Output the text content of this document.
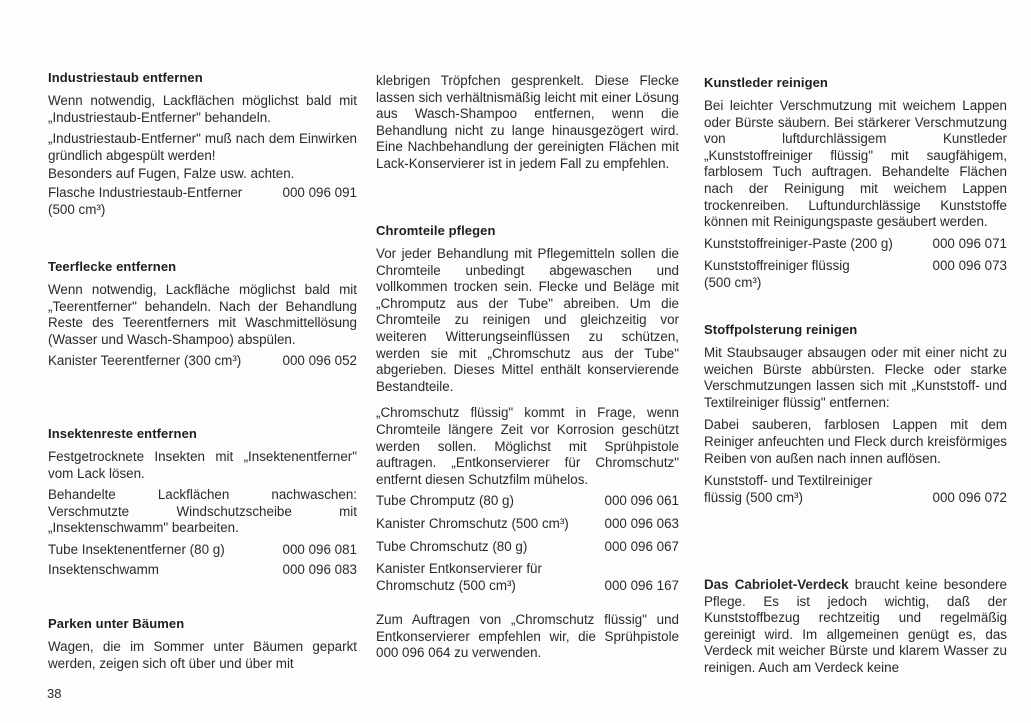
Industriestaub entfernen

Wenn notwendig, Lackflächen möglichst bald mit „Industriestaub-Entferner" behandeln.

„Industriestaub-Entferner" muß nach dem Einwirken gründlich abgespült werden!

Besonders auf Fugen, Falze usw. achten.

Flasche Industriestaub-Entferner	000 096 091
(500 cm³)
Teerflecke entfernen

Wenn notwendig, Lackfläche möglichst bald mit „Teerentferner" behandeln. Nach der Behandlung Reste des Teerentferners mit Waschmittellösung (Wasser und Wasch-Shampoo) abspülen.

Kanister Teerentferner (300 cm³)	000 096 052
Insektenreste entfernen

Festgetrocknete Insekten mit „Insektenentferner" vom Lack lösen.

Behandelte Lackflächen nachwaschen: Verschmutzte Windschutzscheibe mit „Insektenschwamm" bearbeiten.

Tube Insektenentferner (80 g)	000 096 081
Insektenschwamm	000 096 083
Parken unter Bäumen

Wagen, die im Sommer unter Bäumen geparkt werden, zeigen sich oft über und über mit

klebrigen Tröpfchen gesprenkelt. Diese Flecke lassen sich verhältnismäßig leicht mit einer Lösung aus Wasch-Shampoo entfernen, wenn die Behandlung nicht zu lange hinausgezögert wird. Eine Nachbehandlung der gereinigten Flächen mit Lack-Konservierer ist in jedem Fall zu empfehlen.

Chromteile pflegen

Vor jeder Behandlung mit Pflegemitteln sollen die Chromteile unbedingt abgewaschen und vollkommen trocken sein. Flecke und Beläge mit „Chromputz aus der Tube" abreiben. Um die Chromteile zu reinigen und gleichzeitig vor weiteren Witterungseinflüssen zu schützen, werden sie mit „Chromschutz aus der Tube" abgerieben. Dieses Mittel enthält konservierende Bestandteile.

„Chromschutz flüssig" kommt in Frage, wenn Chromteile längere Zeit vor Korrosion geschützt werden sollen. Möglichst mit Sprühpistole auftragen. „Entkonservierer für Chromschutz" entfernt diesen Schutzfilm mühelos.

Tube Chromputz (80 g)	000 096 061
Kanister Chromschutz (500 cm³)	000 096 063
Tube Chromschutz (80 g)	000 096 067
Kanister Entkonservierer für
Chromschutz (500 cm³)	000 096 167

Zum Auftragen von „Chromschutz flüssig" und Entkonservierer empfehlen wir, die Sprühpistole 000 096 064 zu verwenden.

Kunstleder reinigen

Bei leichter Verschmutzung mit weichem Lappen oder Bürste säubern. Bei stärkerer Verschmutzung von luftdurchlässigem Kunstleder „Kunststoffreiniger flüssig" mit saugfähigem, farblosem Tuch auftragen. Behandelte Flächen nach der Reinigung mit weichem Lappen trockenreiben. Luftundurchlässige Kunststoffe können mit Reinigungspaste gesäubert werden.

Kunststoffreiniger-Paste (200 g)	000 096 071
Kunststoffreiniger flüssig	000 096 073
(500 cm³)
Stoffpolsterung reinigen

Mit Staubsauger absaugen oder mit einer nicht zu weichen Bürste abbürsten. Flecke oder starke Verschmutzungen lassen sich mit „Kunststoff- und Textilreiniger flüssig" entfernen:

Dabei sauberen, farblosen Lappen mit dem Reiniger anfeuchten und Fleck durch kreisförmiges Reiben von außen nach innen auflösen.

Kunststoff- und Textilreiniger
flüssig (500 cm³)	000 096 072

Das Cabriolet-Verdeck braucht keine besondere Pflege. Es ist jedoch wichtig, daß der Kunststoffbezug rechtzeitig und regelmäßig gereinigt wird. Im allgemeinen genügt es, das Verdeck mit weicher Bürste und klarem Wasser zu reinigen. Auch am Verdeck keine

38
